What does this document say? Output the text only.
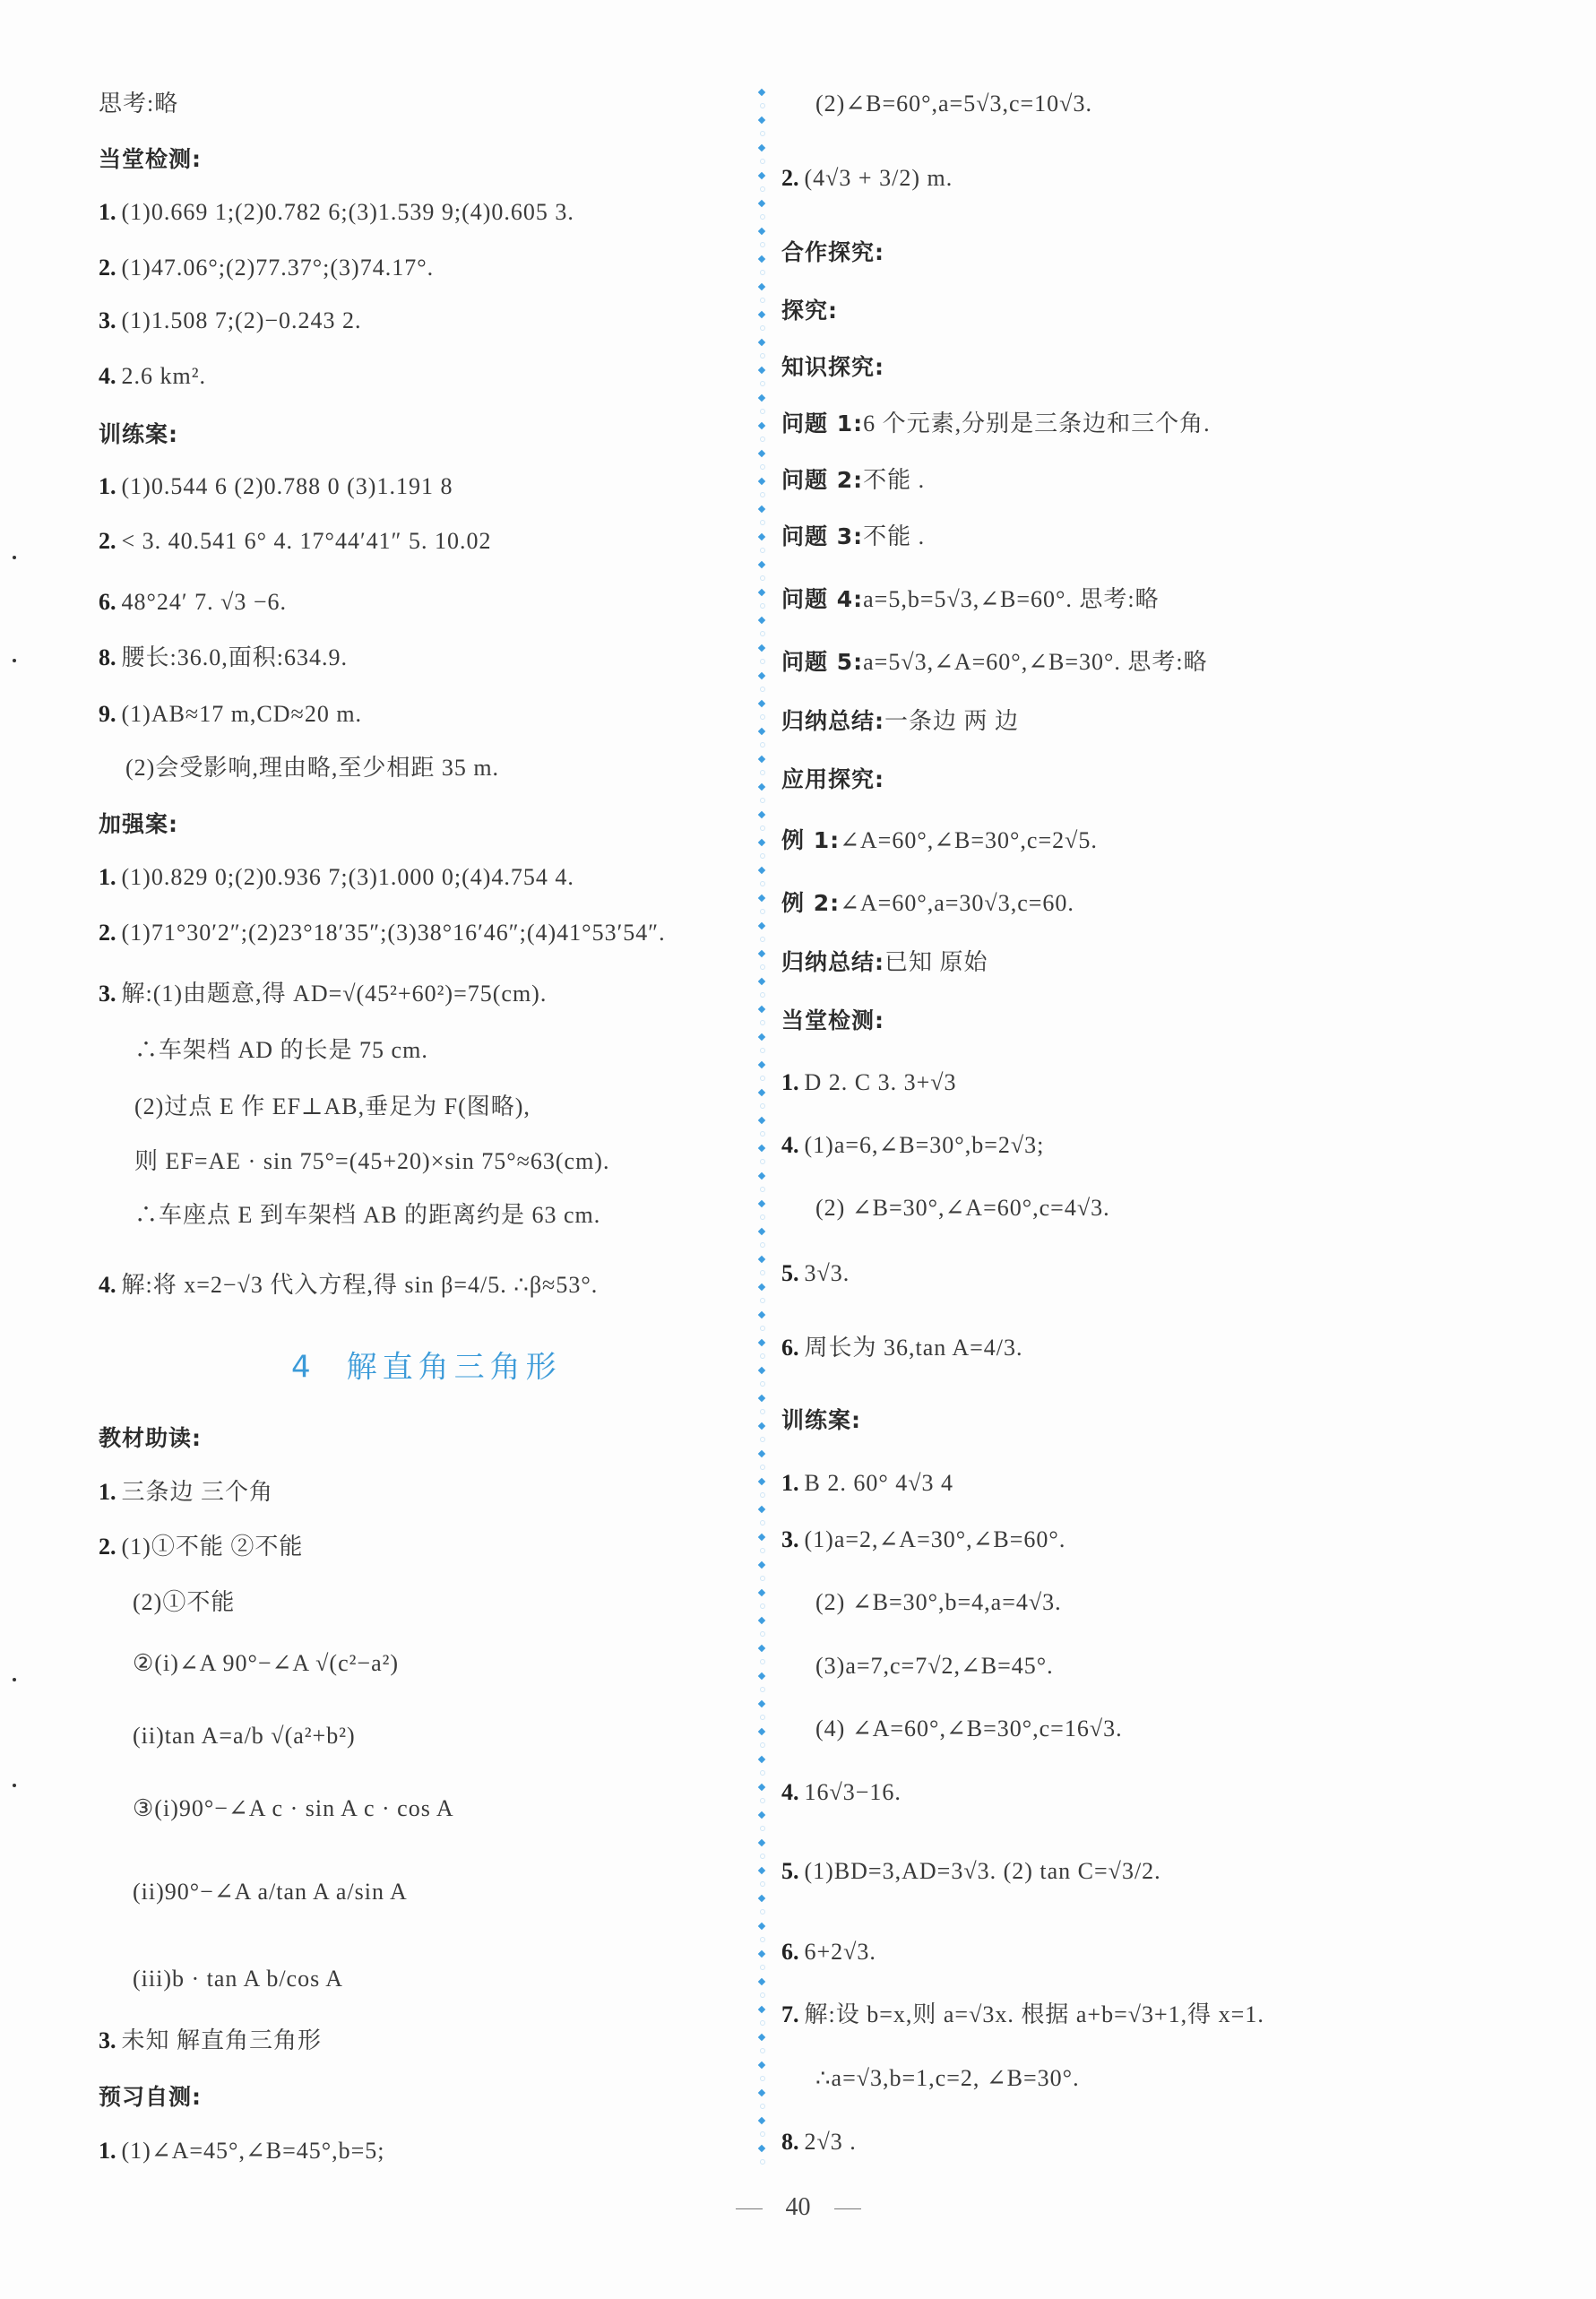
思考:略
当堂检测:
1. (1)0.669 1;(2)0.782 6;(3)1.539 9;(4)0.605 3.
2. (1)47.06°;(2)77.37°;(3)74.17°.
3. (1)1.508 7;(2)−0.243 2.
4. 2.6 km².
训练案:
1. (1)0.544 6 (2)0.788 0 (3)1.191 8
2. < 3. 40.541 6° 4. 17°44′41″ 5. 10.02
6. 48°24′ 7. √3 −6.
8. 腰长:36.0,面积:634.9.
9. (1)AB≈17 m,CD≈20 m.
(2)会受影响,理由略,至少相距 35 m.
加强案:
1. (1)0.829 0;(2)0.936 7;(3)1.000 0;(4)4.754 4.
2. (1)71°30′2″;(2)23°18′35″;(3)38°16′46″;(4)41°53′54″.
3. 解:(1)由题意,得 AD=√(45²+60²)=75(cm).
∴车架档 AD 的长是 75 cm.
(2)过点 E 作 EF⊥AB,垂足为 F(图略),
则 EF=AE · sin 75°=(45+20)×sin 75°≈63(cm).
∴车座点 E 到车架档 AB 的距离约是 63 cm.
4. 解:将 x=2−√3 代入方程,得 sin β=4/5. ∴β≈53°.
教材助读:
1. 三条边 三个角
2. (1)①不能 ②不能
(2)①不能
②(i)∠A 90°−∠A √(c²−a²)
(ii)tan A=a/b √(a²+b²)
③(i)90°−∠A c · sin A c · cos A
(ii)90°−∠A a/tan A a/sin A
(iii)b · tan A b/cos A
3. 未知 解直角三角形
预习自测:
1. (1)∠A=45°,∠B=45°,b=5;
(2)∠B=60°,a=5√3,c=10√3.
2. (4√3 + 3/2) m.
合作探究:
探究:
知识探究:
问题 1:6 个元素,分别是三条边和三个角.
问题 2:不能 .
问题 3:不能 .
问题 4:a=5,b=5√3,∠B=60°. 思考:略
问题 5:a=5√3,∠A=60°,∠B=30°. 思考:略
归纳总结:一条边 两 边
应用探究:
例 1:∠A=60°,∠B=30°,c=2√5.
例 2:∠A=60°,a=30√3,c=60.
归纳总结:已知 原始
当堂检测:
1. D 2. C 3. 3+√3
4. (1)a=6,∠B=30°,b=2√3;
(2) ∠B=30°,∠A=60°,c=4√3.
5. 3√3.
6. 周长为 36,tan A=4/3.
训练案:
1. B 2. 60° 4√3 4
3. (1)a=2,∠A=30°,∠B=60°.
(2) ∠B=30°,b=4,a=4√3.
(3)a=7,c=7√2,∠B=45°.
(4) ∠A=60°,∠B=30°,c=16√3.
4. 16√3−16.
5. (1)BD=3,AD=3√3. (2) tan C=√3/2.
6. 6+2√3.
7. 解:设 b=x,则 a=√3x. 根据 a+b=√3+1,得 x=1.
∴a=√3,b=1,c=2, ∠B=30°.
8. 2√3 .
4 解直角三角形
40
